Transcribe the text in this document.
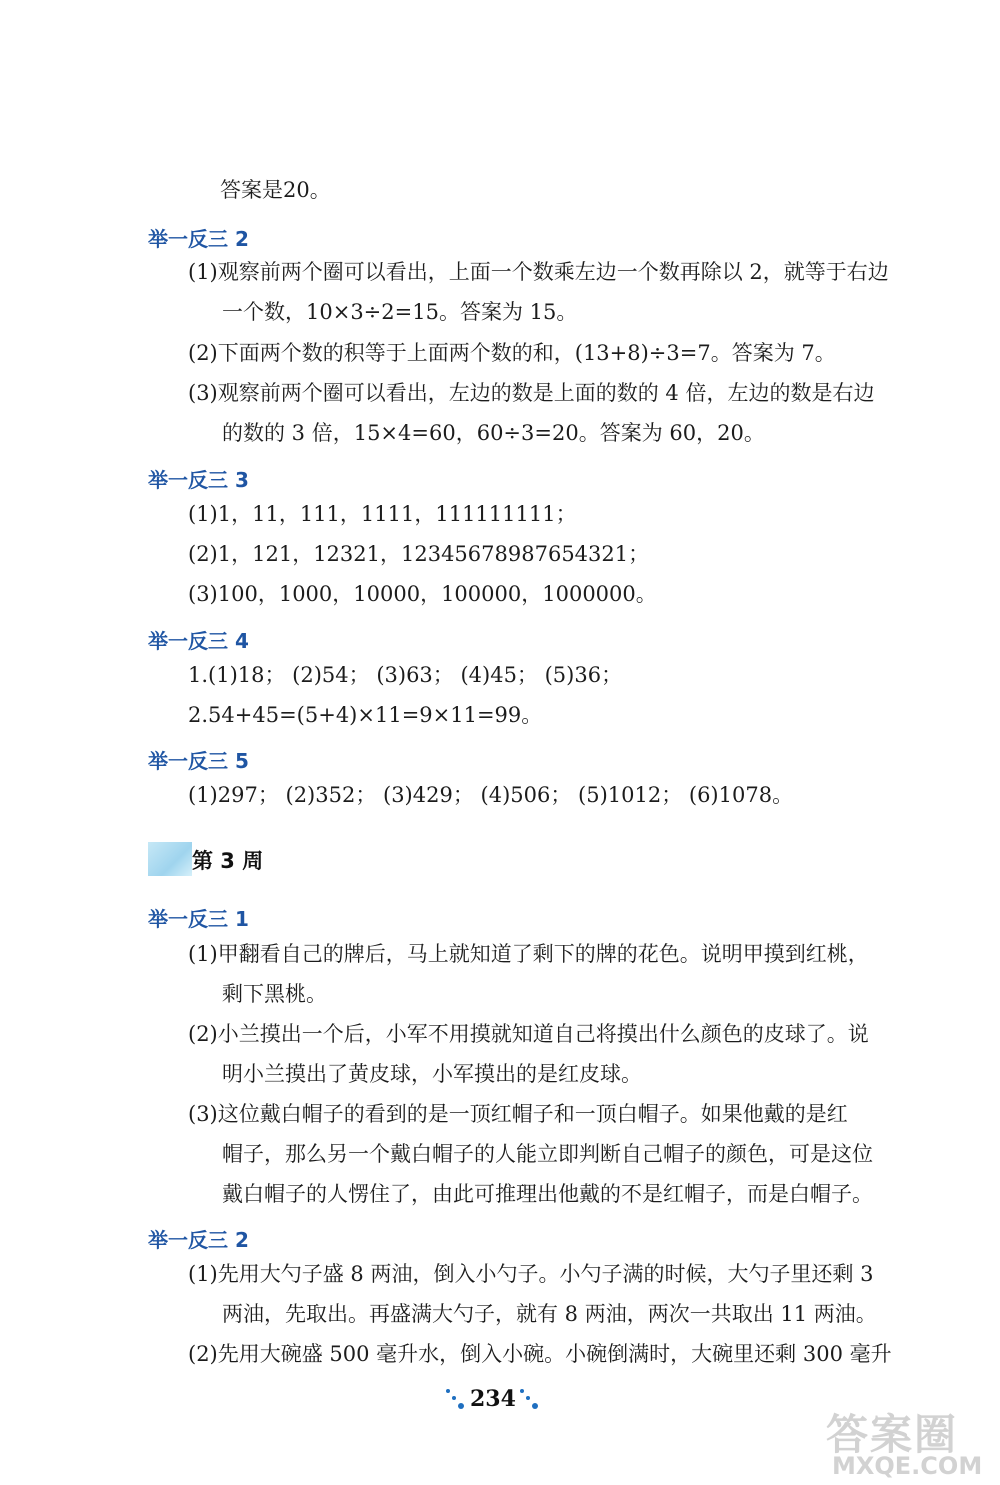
答案是20。
举一反三 2
(1)观察前两个圈可以看出，上面一个数乘左边一个数再除以 2，就等于右边
一个数，10×3÷2=15。答案为 15。
(2)下面两个数的积等于上面两个数的和，(13+8)÷3=7。答案为 7。
(3)观察前两个圈可以看出，左边的数是上面的数的 4 倍，左边的数是右边
的数的 3 倍，15×4=60，60÷3=20。答案为 60，20。
举一反三 3
(1)1，11，111，1111，111111111；
(2)1，121，12321，12345678987654321；
(3)100，1000，10000，100000，1000000。
举一反三 4
1.(1)18； (2)54； (3)63； (4)45； (5)36；
2.54+45=(5+4)×11=9×11=99。
举一反三 5
(1)297； (2)352； (3)429； (4)506； (5)1012； (6)1078。
第 3 周
举一反三 1
(1)甲翻看自己的牌后，马上就知道了剩下的牌的花色。说明甲摸到红桃，
剩下黑桃。
(2)小兰摸出一个后，小军不用摸就知道自己将摸出什么颜色的皮球了。说
明小兰摸出了黄皮球，小军摸出的是红皮球。
(3)这位戴白帽子的看到的是一顶红帽子和一顶白帽子。如果他戴的是红
帽子，那么另一个戴白帽子的人能立即判断自己帽子的颜色，可是这位
戴白帽子的人愣住了，由此可推理出他戴的不是红帽子，而是白帽子。
举一反三 2
(1)先用大勺子盛 8 两油，倒入小勺子。小勺子满的时候，大勺子里还剩 3
两油，先取出。再盛满大勺子，就有 8 两油，两次一共取出 11 两油。
(2)先用大碗盛 500 毫升水，倒入小碗。小碗倒满时，大碗里还剩 300 毫升
234
答案圈
MXQE.COM
